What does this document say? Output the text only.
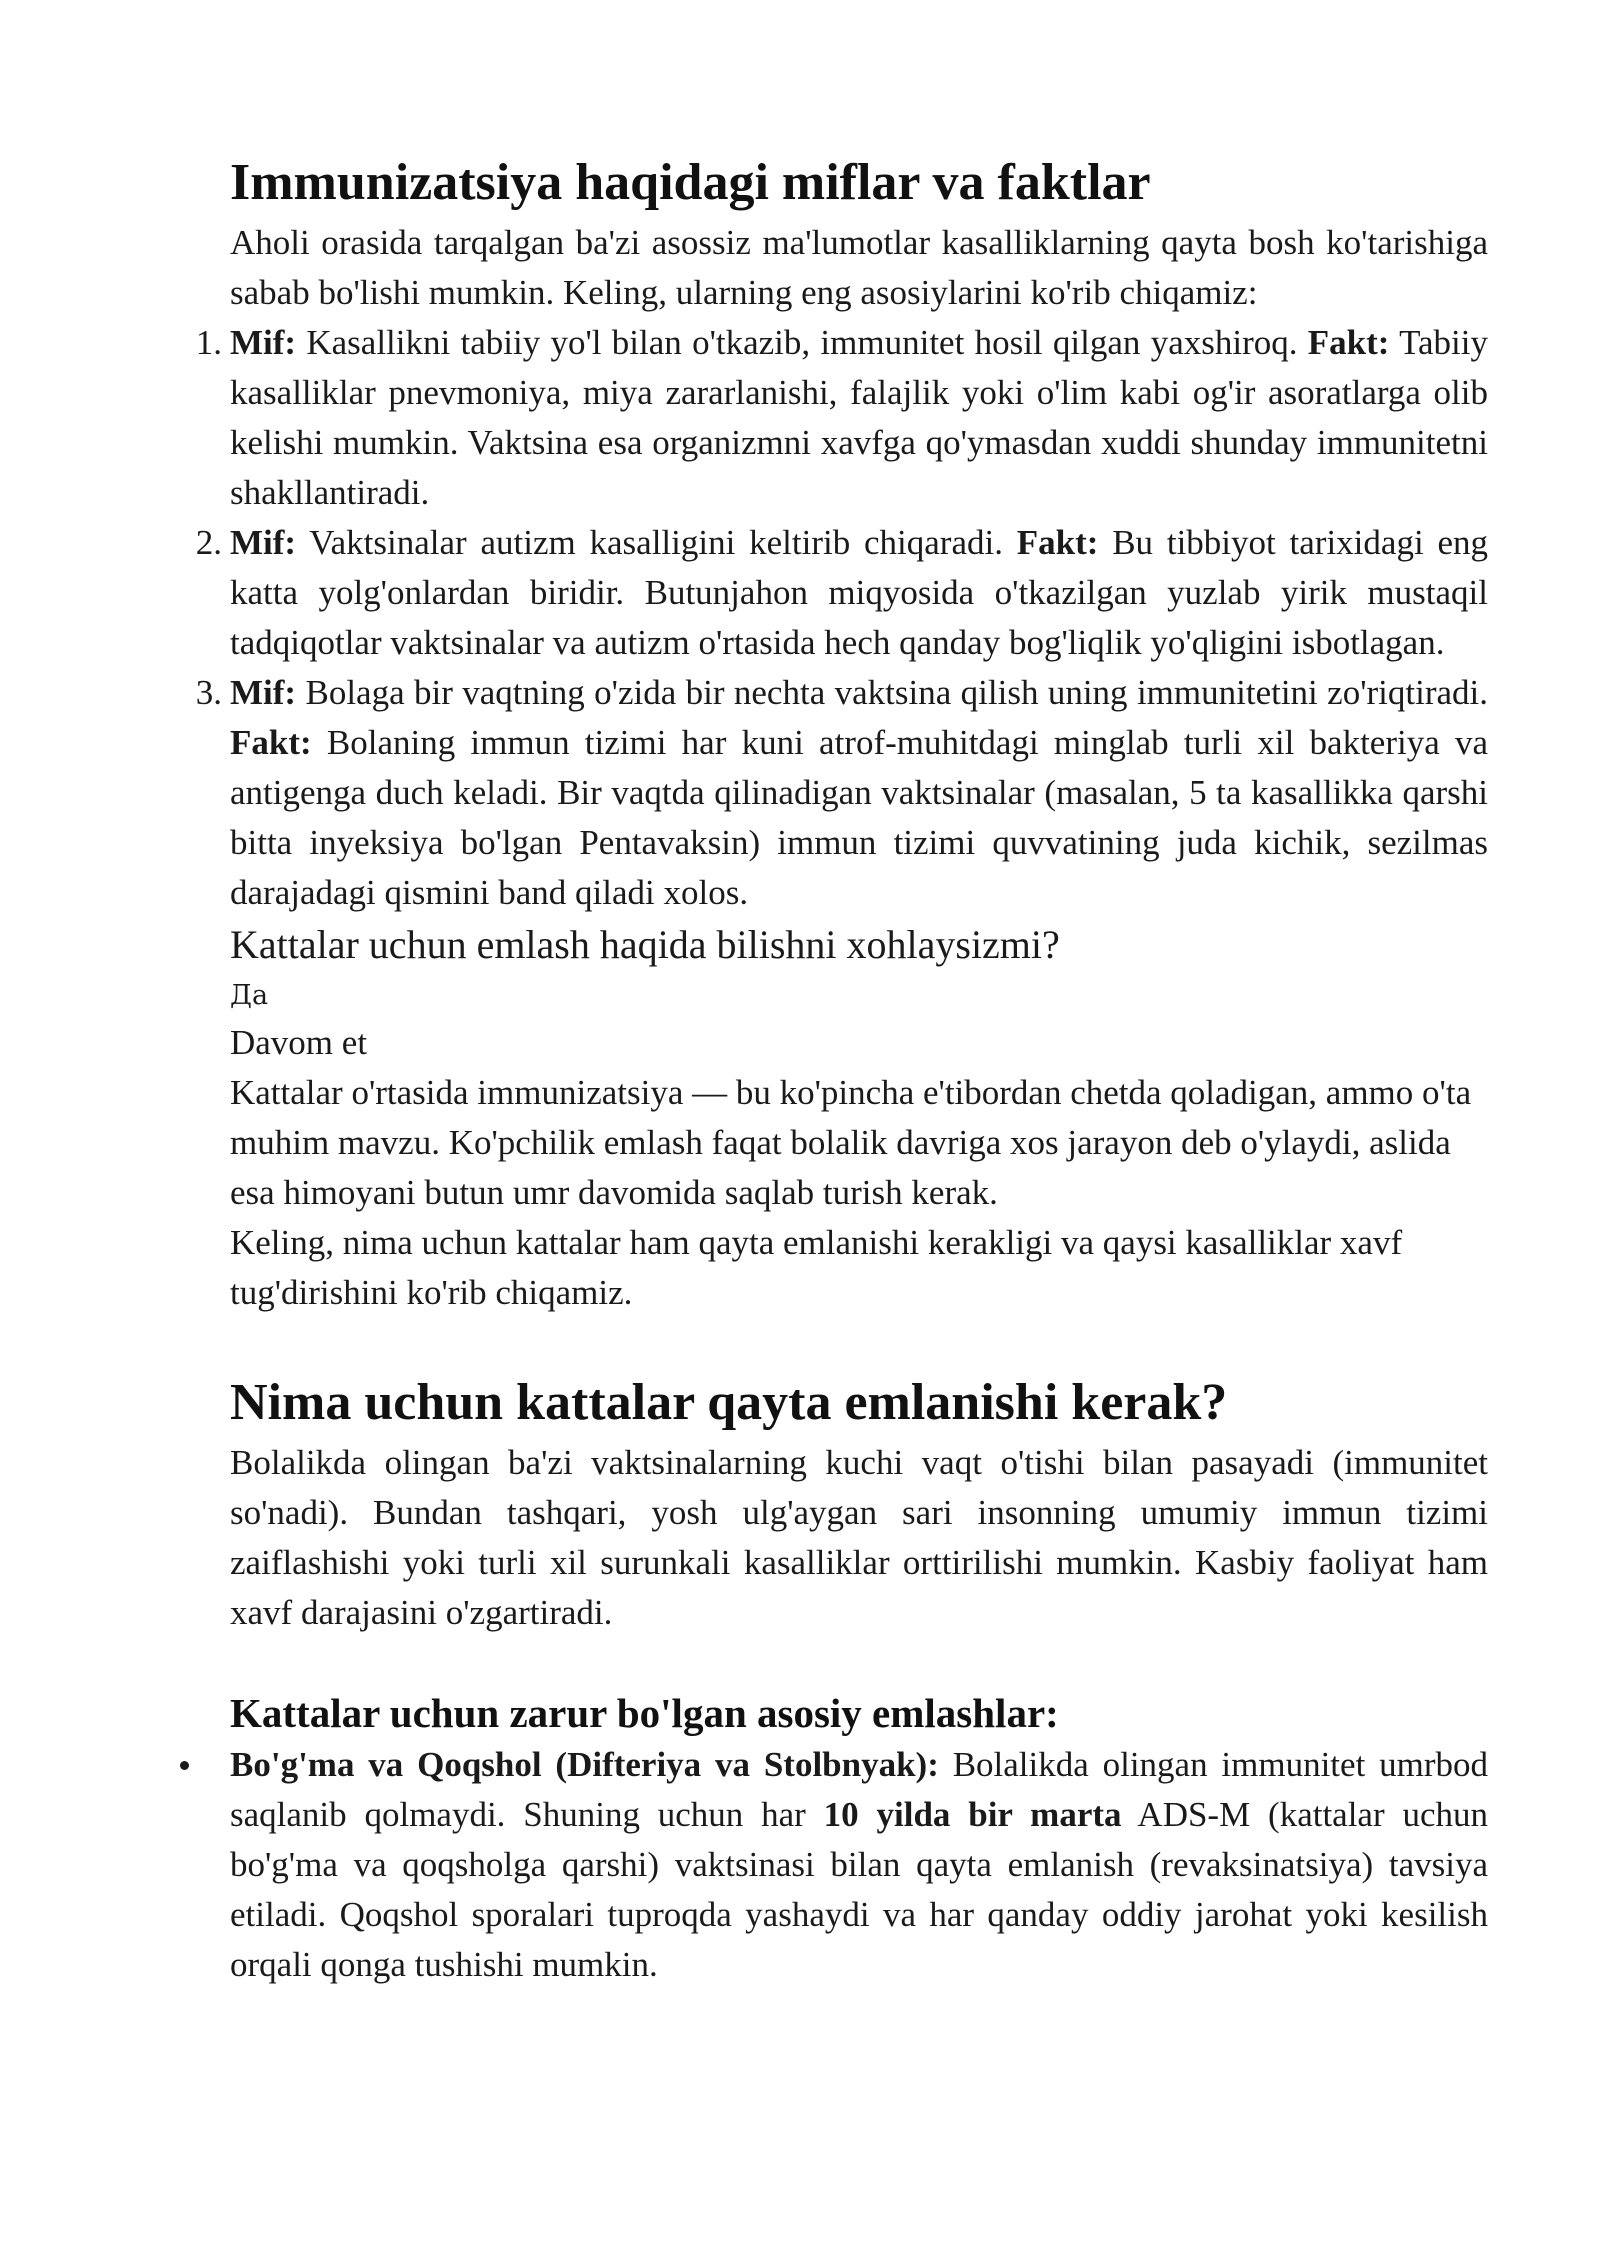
Immunizatsiya haqidagi miflar va faktlar

Aholi orasida tarqalgan ba'zi asossiz ma'lumotlar kasalliklarning qayta bosh ko'tarishiga sabab bo'lishi mumkin. Keling, ularning eng asosiylarini ko'rib chiqamiz:

1. Mif: Kasallikni tabiiy yo'l bilan o'tkazib, immunitet hosil qilgan yaxshiroq. Fakt: Tabiiy kasalliklar pnevmoniya, miya zararlanishi, falajlik yoki o'lim kabi og'ir asoratlarga olib kelishi mumkin. Vaktsina esa organizmni xavfga qo'ymasdan xuddi shunday immunitetni shakllantiradi.
2. Mif: Vaktsinalar autizm kasalligini keltirib chiqaradi. Fakt: Bu tibbiyot tarixidagi eng katta yolg'onlardan biridir. Butunjahon miqyosida o'tkazilgan yuzlab yirik mustaqil tadqiqotlar vaktsinalar va autizm o'rtasida hech qanday bog'liqlik yo'qligini isbotlagan.
3. Mif: Bolaga bir vaqtning o'zida bir nechta vaktsina qilish uning immunitetini zo'riqtiradi. Fakt: Bolaning immun tizimi har kuni atrof-muhitdagi minglab turli xil bakteriya va antigenga duch keladi. Bir vaqtda qilinadigan vaktsinalar (masalan, 5 ta kasallikka qarshi bitta inyeksiya bo'lgan Pentavaksin) immun tizimi quvvatining juda kichik, sezilmas darajadagi qismini band qiladi xolos.
Kattalar uchun emlash haqida bilishni xohlaysizmi?
Да

Davom et

Kattalar o'rtasida immunizatsiya — bu ko'pincha e'tibordan chetda qoladigan, ammo o'ta muhim mavzu. Ko'pchilik emlash faqat bolalik davriga xos jarayon deb o'ylaydi, aslida esa himoyani butun umr davomida saqlab turish kerak.

Keling, nima uchun kattalar ham qayta emlanishi kerakligi va qaysi kasalliklar xavf tug'dirishini ko'rib chiqamiz.

Nima uchun kattalar qayta emlanishi kerak?

Bolalikda olingan ba'zi vaktsinalarning kuchi vaqt o'tishi bilan pasayadi (immunitet so'nadi). Bundan tashqari, yosh ulg'aygan sari insonning umumiy immun tizimi zaiflashishi yoki turli xil surunkali kasalliklar orttirilishi mumkin. Kasbiy faoliyat ham xavf darajasini o'zgartiradi.

Kattalar uchun zarur bo'lgan asosiy emlashlar:
Bo'g'ma va Qoqshol (Difteriya va Stolbnyak): Bolalikda olingan immunitet umrbod saqlanib qolmaydi. Shuning uchun har 10 yilda bir marta ADS-M (kattalar uchun bo'g'ma va qoqsholga qarshi) vaktsinasi bilan qayta emlanish (revaksinatsiya) tavsiya etiladi. Qoqshol sporalari tuproqda yashaydi va har qanday oddiy jarohat yoki kesilish orqali qonga tushishi mumkin.
